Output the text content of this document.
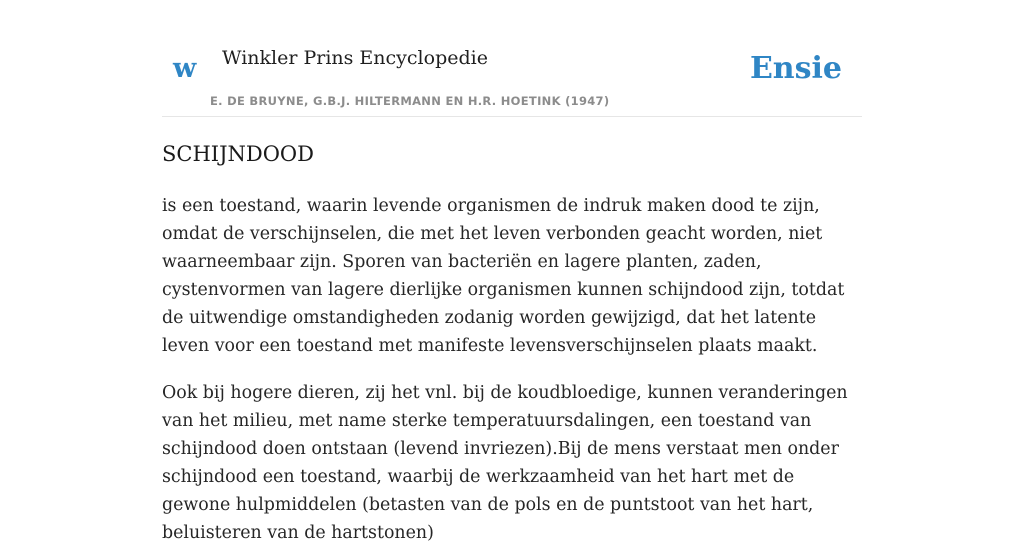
w Winkler Prins Encyclopedie
E. DE BRUYNE, G.B.J. HILTERMANN EN H.R. HOETINK (1947)
Ensie
SCHIJNDOOD

is een toestand, waarin levende organismen de indruk maken dood te zijn, omdat de verschijnselen, die met het leven verbonden geacht worden, niet waarneembaar zijn. Sporen van bacteriën en lagere planten, zaden, cystenvormen van lagere dierlijke organismen kunnen schijndood zijn, totdat de uitwendige omstandigheden zodanig worden gewijzigd, dat het latente leven voor een toestand met manifeste levensverschijnselen plaats maakt.

Ook bij hogere dieren, zij het vnl. bij de koudbloedige, kunnen veranderingen van het milieu, met name sterke temperatuursdalingen, een toestand van schijndood doen ontstaan (levend invriezen).Bij de mens verstaat men onder schijndood een toestand, waarbij de werkzaamheid van het hart met de gewone hulpmiddelen (betasten van de pols en de puntstoot van het hart, beluisteren van de hartstonen)
